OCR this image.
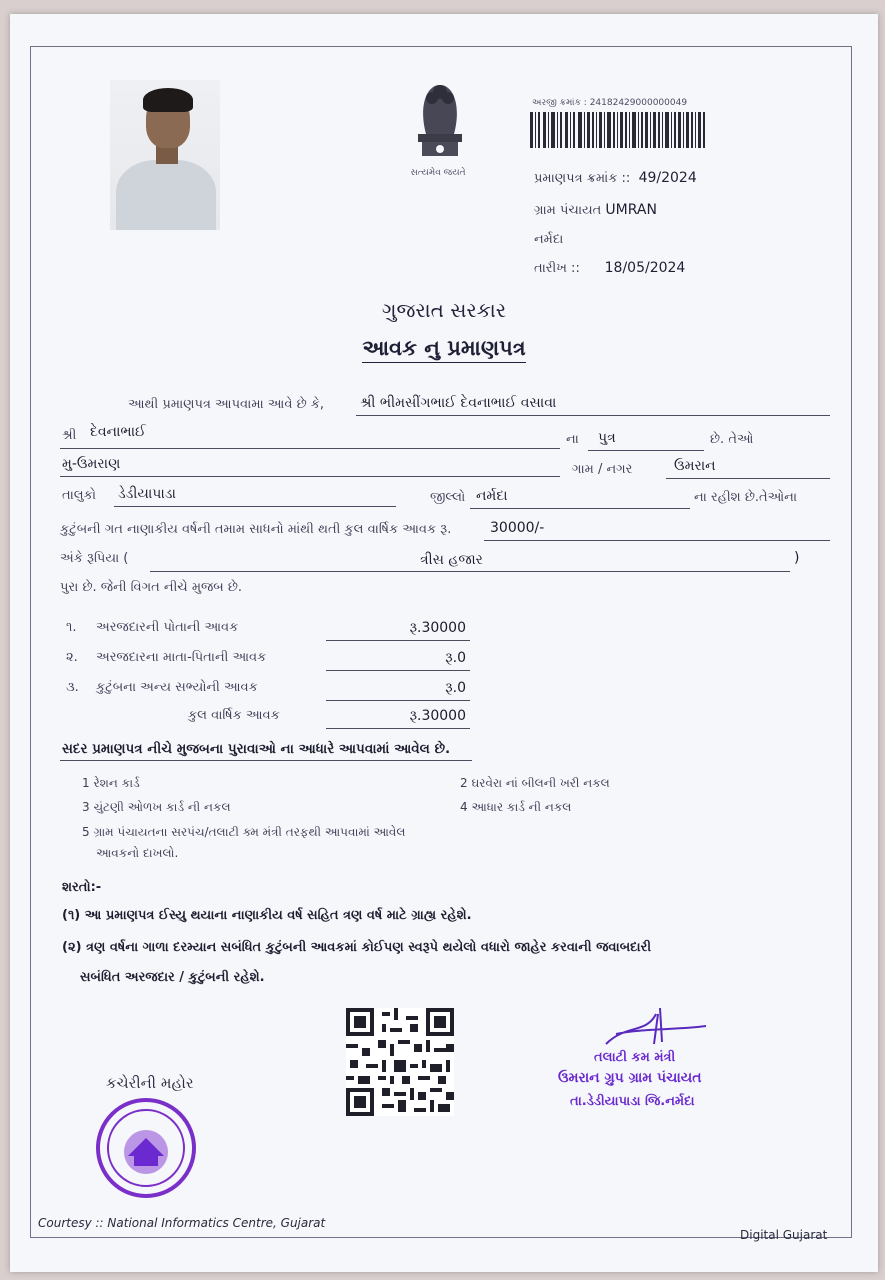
સત્યમેવ જયતે
અરજી ક્રમાંક : 24182429000000049
પ્રમાણપત્ર ક્રમાંક :: 49/2024
ગ્રામ પંચાયત UMRAN
નર્મદા
તારીખ :: 18/05/2024
ગુજરાત સરકાર
આવક નુ પ્રમાણપત્ર
આથી પ્રમાણપત્ર આપવામા આવે છે કે,	શ્રી ભીમસીંગભાઈ દેવનાભાઈ વસાવા
શ્રી દેવનાભાઈ	ના પુત્ર	છે. તેઓ
મુ-ઉમરાણ	ગામ / નગર	ઉમરાન
તાલુકો ડેડીયાપાડા	જીલ્લો નર્મદા	ના રહીશ છે.તેઓના
કુટુંબની ગત નાણાકીય વર્ષની તમામ સાધનો માંથી થતી કુલ વાર્ષિક આવક રૂ.	30000/-
અંકે રૂપિયા (	ત્રીસ હજાર	)
પુરા છે. જેની વિગત નીચે મુજબ છે.
૧. અરજદારની પોતાની આવક	રૂ.30000
૨. અરજદારના માતા-પિતાની આવક	રૂ.0
૩. કુટુંબના અન્ય સભ્યોની આવક	રૂ.0
કુલ વાર્ષિક આવક	રૂ.30000
સદર પ્રમાણપત્ર નીચે મુજબના પુરાવાઓ ના આધારે આપવામાં આવેલ છે.
1 રેશન કાર્ડ	2 ઘરવેરા નાં બીલની ખરી નકલ
3 ચુંટણી ઓળખ કાર્ડ ની નકલ	4 આધાર કાર્ડ ની નકલ
5 ગ્રામ પંચાયતના સરપંચ/તલાટી ક્મ મંત્રી તરફથી આપવામાં આવેલ
આવકનો દાખલો.
શરતો:-
(૧) આ પ્રમાણપત્ર ઈસ્યુ થયાના નાણાકીય વર્ષ સહિત ત્રણ વર્ષ માટે ગ્રાહ્ય રહેશે.
(૨) ત્રણ વર્ષના ગાળા દરમ્યાન સબંધિત કુટુંબની આવકમાં કોઈપણ સ્વરૂપે થયેલો વધારો જાહેર કરવાની જવાબદારી
સબંધિત અરજદાર / કુટુંબની રહેશે.
કચેરીની મહોર
તલાટી કમ મંત્રી
ઉમરાન ગ્રુપ ગ્રામ પંચાયત
તા.ડેડીયાપાડા જિ.નર્મદા
Courtesy :: National Informatics Centre, Gujarat
Digital Gujarat
